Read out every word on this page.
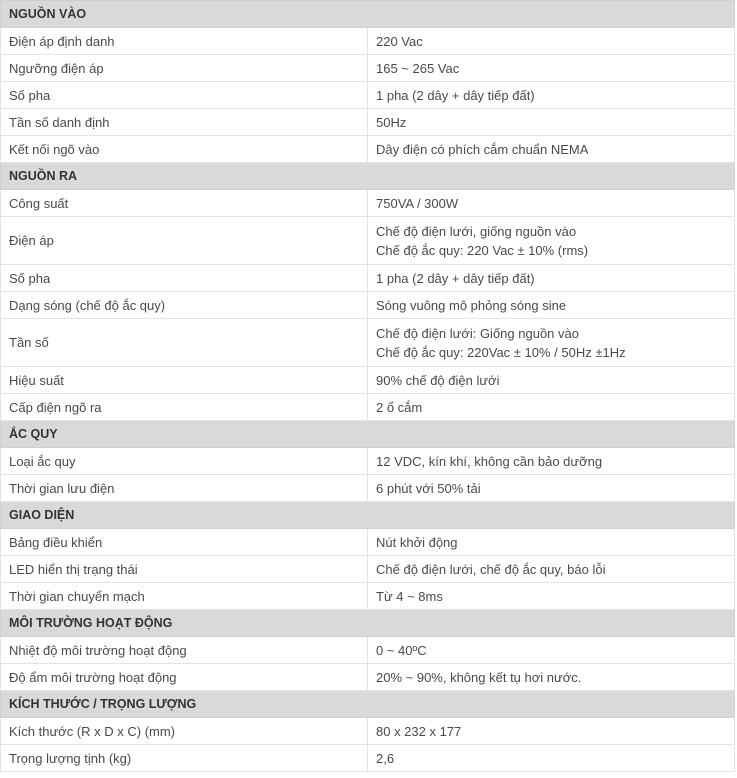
NGUỒN VÀO	
Điện áp định danh	220 Vac

Ngưỡng điện áp	165 ~ 265 Vac

Số pha	1 pha (2 dây + dây tiếp đất)

Tần số danh định	50Hz

Kết nối ngõ vào	Dây điện có phích cắm chuẩn NEMA

NGUỒN RA	
Công suất	750VA / 300W

Điện áp	Chế độ điện lưới, giống nguồn vào
Chế độ ắc quy: 220 Vac ± 10% (rms)

Số pha	1 pha (2 dây + dây tiếp đất)

Dạng sóng (chế độ ắc quy)	Sóng vuông mô phỏng sóng sine

Tần số	Chế độ điện lưới: Giống nguồn vào
Chế độ ắc quy: 220Vac ± 10% / 50Hz ±1Hz

Hiệu suất	90% chế độ điện lưới

Cấp điện ngõ ra	2 ổ cắm

ẮC QUY	
Loại ắc quy	12 VDC, kín khí, không cần bảo dưỡng

Thời gian lưu điện	6 phút với 50% tải

GIAO DIỆN	
Bảng điều khiển	Nút khởi động

LED hiển thị trạng thái	Chế độ điện lưới, chế độ ắc quy, báo lỗi

Thời gian chuyển mạch	Từ 4 ~ 8ms

MÔI TRƯỜNG HOẠT ĐỘNG	
Nhiệt độ môi trường hoạt động	0 ~ 40ºC

Độ ẩm môi trường hoạt động	20% ~ 90%, không kết tụ hơi nước.

KÍCH THƯỚC / TRỌNG LƯỢNG	
Kích thước (R x D x C) (mm)	80 x 232 x 177

Trọng lượng tịnh (kg)	2,6
